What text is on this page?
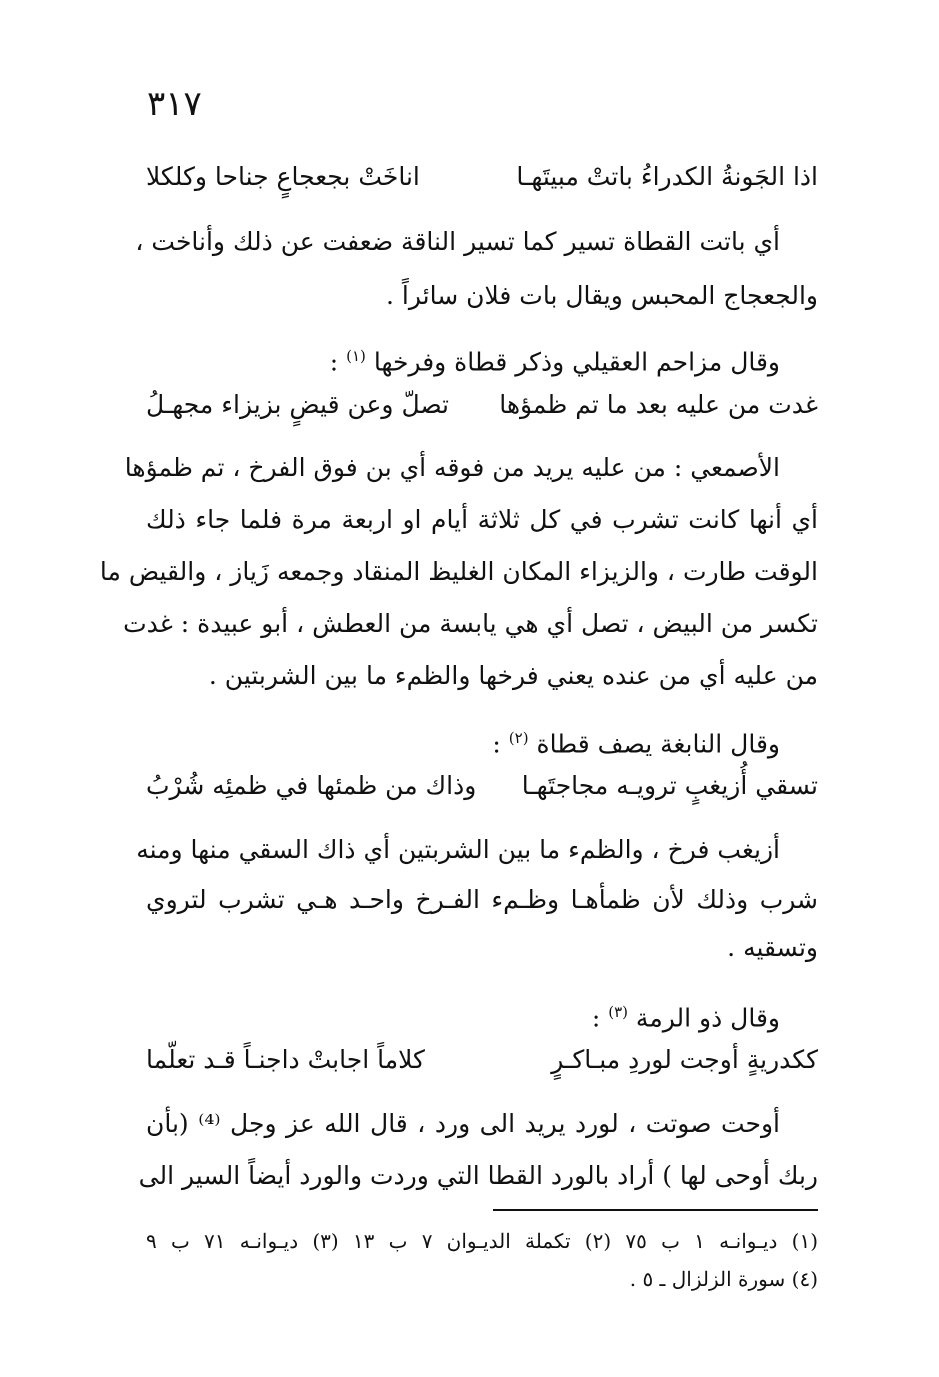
٣١٧
اذا الجَونةُ الكدراءُ باتتْ مبيتَهـا
اناخَتْ بجعجاعٍ جناحا وكلكلا
أي باتت القطاة تسير كما تسير الناقة ضعفت عن ذلك وأناخت ،
والجعجاج المحبس ويقال بات فلان سائراً .
وقال مزاحم العقيلي وذكر قطاة وفرخها $^{(١)}$ :
غدت من عليه بعد ما تم ظمؤها
تصلّ وعن قيضٍ بزيزاء مجهـلُ
الأصمعي : من عليه يريد من فوقه أي بن فوق الفرخ ، تم ظمؤها
أي أنها كانت تشرب في كل ثلاثة أيام او اربعة مرة فلما جاء ذلك
الوقت طارت ، والزيزاء المكان الغليظ المنقاد وجمعه زَياز ، والقيض ما
تكسر من البيض ، تصل أي هي يابسة من العطش ، أبو عبيدة : غدت
من عليه أي من عنده يعني فرخها والظمء ما بين الشربتين .
وقال النابغة يصف قطاة $^{(٢)}$ :
تسقي أُزيغبٍ ترويـه مجاجتَهـا
وذاك من ظمئها في ظمئِه شُرْبُ
أزيغب فرخ ، والظمء ما بين الشربتين أي ذاك السقي منها ومنه
شرب وذلك لأن ظمأهـا وظـمء الفـرخ واحـد هـي تشرب لتروي
وتسقيه .
وقال ذو الرمة $^{(٣)}$ :
ككدريةٍ أوجت لوردِ مبـاكـرٍ
كلاماً اجابتْ داجنـاً قـد تعلّما
أوحت صوتت ، لورد يريد الى ورد ، قال الله عز وجل ⁽⁴⁾ (بأن
ربك أوحى لها ) أراد بالورد القطا التي وردت والورد أيضاً السير الى
(١) ديـوانـه ١ ب ٧٥ (٢) تكملة الديـوان ٧ ب ١٣ (٣) ديـوانـه ٧١ ب ٩
(٤) سورة الزلزال ـ ٥ .
